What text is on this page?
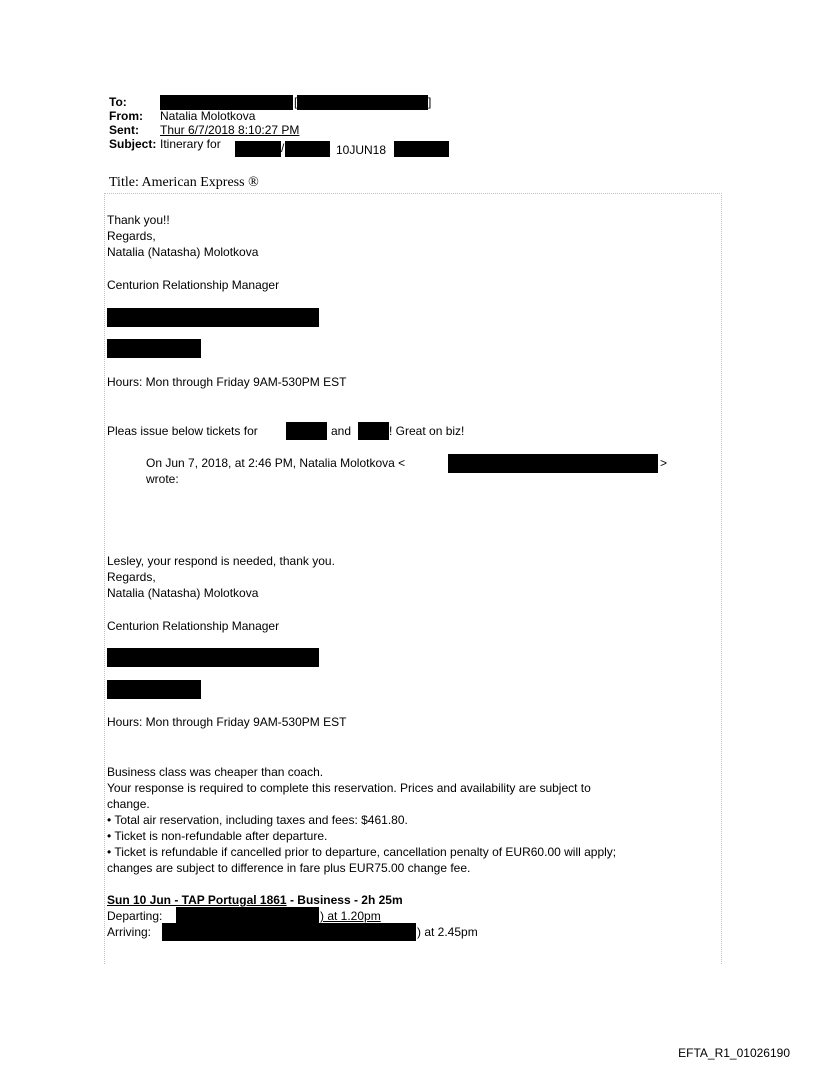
To:	[	]
From: Natalia Molotkova
Sent: Thur 6/7/2018 8:10:27 PM
Subject: Itinerary for	/	10JUN18
Title: American Express ®
Thank you!!
Regards,
Natalia (Natasha) Molotkova
Centurion Relationship Manager
Hours: Mon through Friday 9AM-530PM EST
Pleas issue below tickets for	and	! Great on biz!
On Jun 7, 2018, at 2:46 PM, Natalia Molotkova <	>
wrote:
Lesley, your respond is needed, thank you.
Regards,
Natalia (Natasha) Molotkova
Centurion Relationship Manager
Hours: Mon through Friday 9AM-530PM EST
Business class was cheaper than coach.
Your response is required to complete this reservation. Prices and availability are subject to
change.
• Total air reservation, including taxes and fees: $461.80.
• Ticket is non-refundable after departure.
• Ticket is refundable if cancelled prior to departure, cancellation penalty of EUR60.00 will apply;
changes are subject to difference in fare plus EUR75.00 change fee.
Sun 10 Jun - TAP Portugal 1861 - Business - 2h 25m
Departing:	) at 1.20pm
Arriving:	) at 2.45pm
EFTA_R1_01026190
